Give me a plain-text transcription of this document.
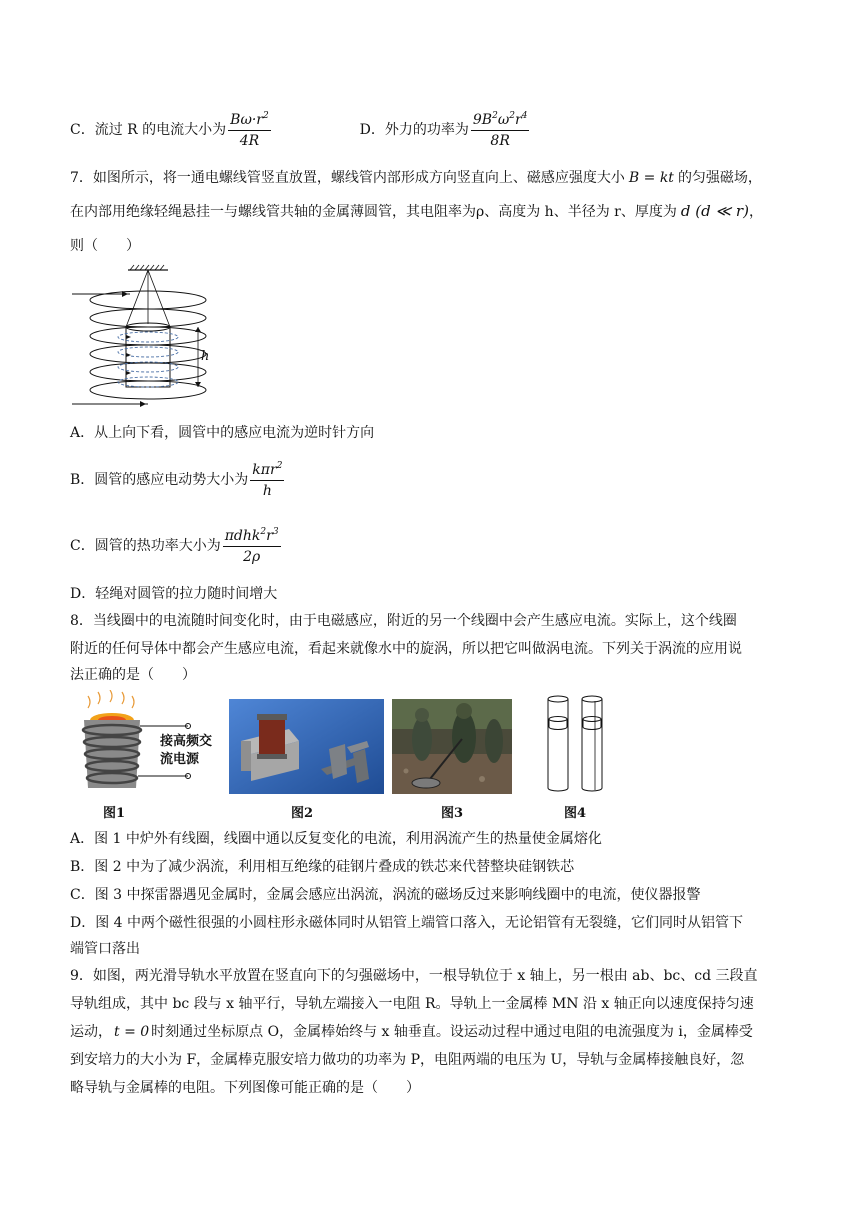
C．流过 R 的电流大小为 $\frac{B\omega\cdot r^2}{4R}$	D．外力的功率为 $\frac{9B^2\omega^2r^4}{8R}$
7．如图所示，将一通电螺线管竖直放置，螺线管内部形成方向竖直向上、磁感应强度大小 B = kt 的匀强磁场，
在内部用绝缘轻绳悬挂一与螺线管共轴的金属薄圆管，其电阻率为ρ、高度为 h、半径为 r、厚度为 d (d ≪ r)，
则（　　）
h
A．从上向下看，圆管中的感应电流为逆时针方向
B．圆管的感应电动势大小为 $\frac{k\pi r^2}{h}$
C．圆管的热功率大小为 $\frac{\pi dhk^2r^3}{2\rho}$
D．轻绳对圆管的拉力随时间增大
8．当线圈中的电流随时间变化时，由于电磁感应，附近的另一个线圈中会产生感应电流。实际上，这个线圈
附近的任何导体中都会产生感应电流，看起来就像水中的旋涡，所以把它叫做涡电流。下列关于涡流的应用说
法正确的是（　　）
接高频交
流电源
图1	图2	图3	图4
A．图 1 中炉外有线圈，线圈中通以反复变化的电流，利用涡流产生的热量使金属熔化
B．图 2 中为了减少涡流，利用相互绝缘的硅钢片叠成的铁芯来代替整块硅钢铁芯
C．图 3 中探雷器遇见金属时，金属会感应出涡流，涡流的磁场反过来影响线圈中的电流，使仪器报警
D．图 4 中两个磁性很强的小圆柱形永磁体同时从铝管上端管口落入，无论铝管有无裂缝，它们同时从铝管下
端管口落出
9．如图，两光滑导轨水平放置在竖直向下的匀强磁场中，一根导轨位于 x 轴上，另一根由 ab、bc、cd 三段直
导轨组成，其中 bc 段与 x 轴平行，导轨左端接入一电阻 R。导轨上一金属棒 MN 沿 x 轴正向以速度保持匀速
运动， t = 0 时刻通过坐标原点 O，金属棒始终与 x 轴垂直。设运动过程中通过电阻的电流强度为 i，金属棒受
到安培力的大小为 F，金属棒克服安培力做功的功率为 P，电阻两端的电压为 U，导轨与金属棒接触良好，忽
略导轨与金属棒的电阻。下列图像可能正确的是（　　）
